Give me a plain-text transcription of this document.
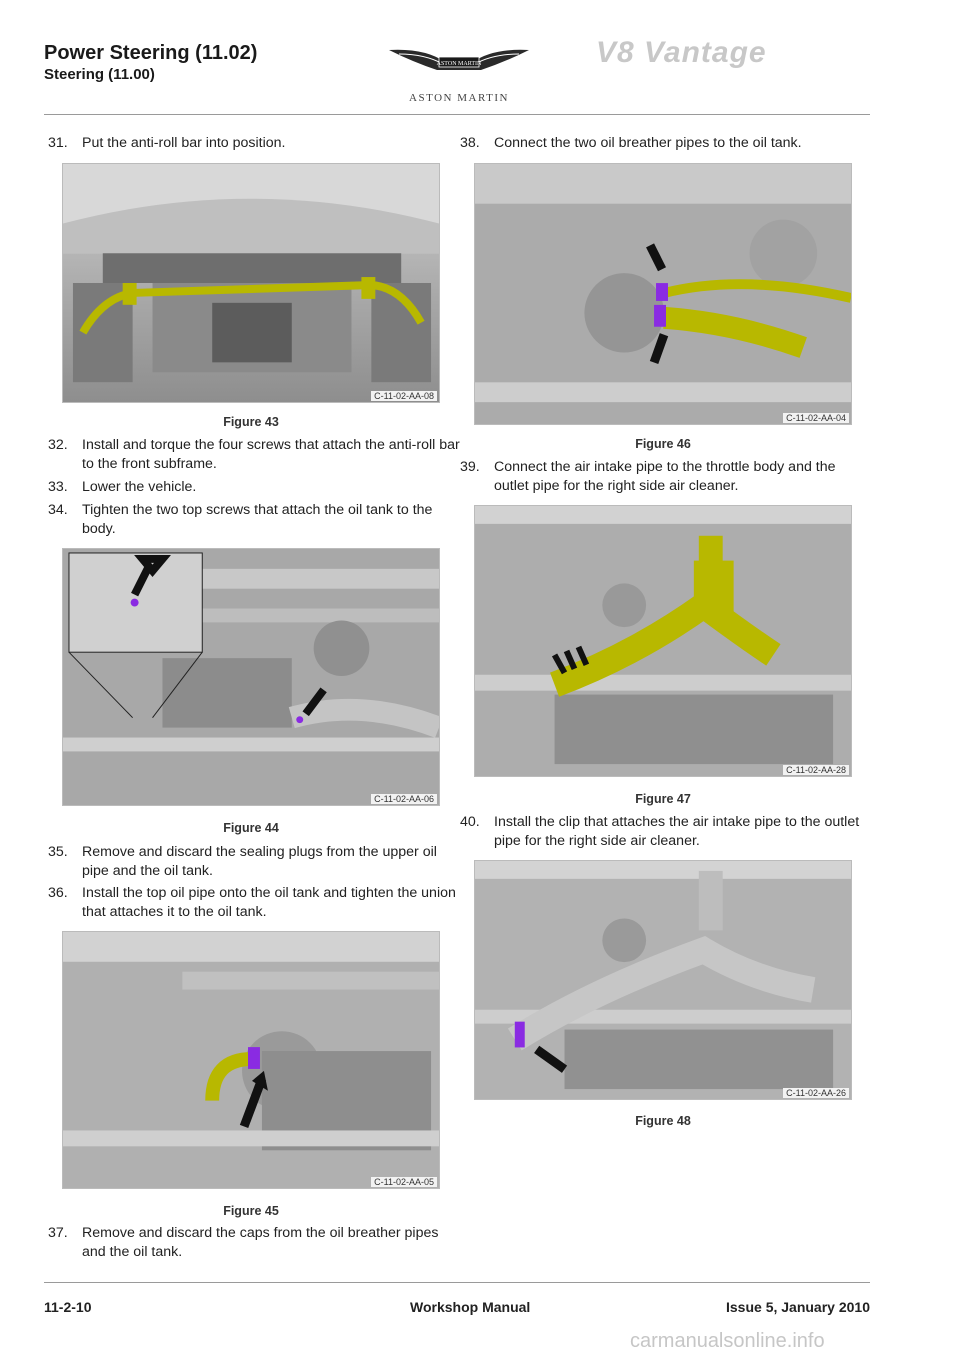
Power Steering (11.02)
Steering (11.00)
ASTON MARTIN
ASTON MARTIN
V8 Vantage
31. Put the anti-roll bar into position.
C-11-02-AA-08
Figure 43
32. Install and torque the four screws that attach the anti-roll bar to the front subframe.
33. Lower the vehicle.
34. Tighten the two top screws that attach the oil tank to the body.
C-11-02-AA-06
Figure 44
35. Remove and discard the sealing plugs from the upper oil pipe and the oil tank.
36. Install the top oil pipe onto the oil tank and tighten the union that attaches it to the oil tank.
C-11-02-AA-05
Figure 45
37. Remove and discard the caps from the oil breather pipes and the oil tank.
38. Connect the two oil breather pipes to the oil tank.
C-11-02-AA-04
Figure 46
39. Connect the air intake pipe to the throttle body and the outlet pipe for the right side air cleaner.
C-11-02-AA-28
Figure 47
40. Install the clip that attaches the air intake pipe to the outlet pipe for the right side air cleaner.
C-11-02-AA-26
Figure 48
11-2-10	Workshop Manual	Issue 5, January 2010
carmanualsonline.info
